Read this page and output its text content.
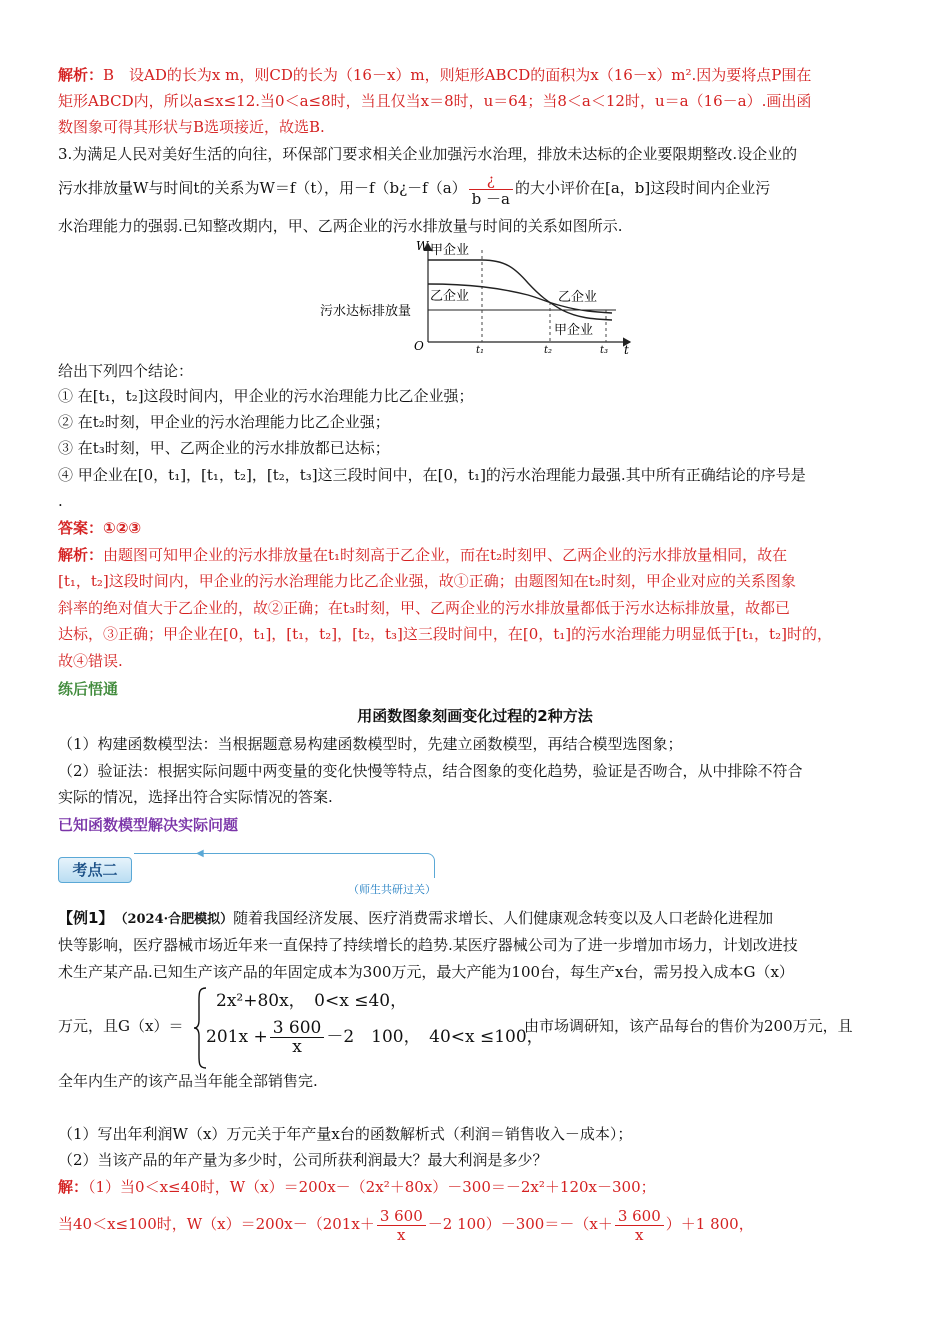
解析：B　设AD的长为x m，则CD的长为（16－x）m，则矩形ABCD的面积为x（16－x）m².因为要将点P围在

矩形ABCD内，所以a≤x≤12.当0＜a≤8时，当且仅当x＝8时，u＝64；当8＜a＜12时，u＝a（16－a）.画出函

数图象可得其形状与B选项接近，故选B.

3.为满足人民对美好生活的向往，环保部门要求相关企业加强污水治理，排放未达标的企业要限期整改.设企业的

污水排放量W与时间t的关系为W＝f（t），用－f（b¿－f（a） $\frac{¿}{b -a}$ 的大小评价在[a，b]这段时间内企业污

水治理能力的强弱.已知整改期内，甲、乙两企业的污水排放量与时间的关系如图所示.

W
t
O	t₁	t₂	t₃
甲企业
乙企业	乙企业
甲企业
污水达标排放量

给出下列四个结论：

① 在[t₁，t₂]这段时间内，甲企业的污水治理能力比乙企业强；

② 在t₂时刻，甲企业的污水治理能力比乙企业强；

③ 在t₃时刻，甲、乙两企业的污水排放都已达标；

④ 甲企业在[0，t₁]，[t₁，t₂]，[t₂，t₃]这三段时间中，在[0，t₁]的污水治理能力最强.其中所有正确结论的序号是

.

答案：①②③

解析：由题图可知甲企业的污水排放量在t₁时刻高于乙企业，而在t₂时刻甲、乙两企业的污水排放量相同，故在

[t₁，t₂]这段时间内，甲企业的污水治理能力比乙企业强，故①正确；由题图知在t₂时刻，甲企业对应的关系图象

斜率的绝对值大于乙企业的，故②正确；在t₃时刻，甲、乙两企业的污水排放量都低于污水达标排放量，故都已

达标，③正确；甲企业在[0，t₁]，[t₁，t₂]，[t₂，t₃]这三段时间中，在[0，t₁]的污水治理能力明显低于[t₁，t₂]时的，

故④错误.

练后悟通

用函数图象刻画变化过程的2种方法

（1）构建函数模型法：当根据题意易构建函数模型时，先建立函数模型，再结合模型选图象；

（2）验证法：根据实际问题中两变量的变化快慢等特点，结合图象的变化趋势，验证是否吻合，从中排除不符合

实际的情况，选择出符合实际情况的答案.

已知函数模型解决实际问题

◀
考点二
（师生共研过关）

【例1】　 （2024·合肥模拟）随着我国经济发展、医疗消费需求增长、人们健康观念转变以及人口老龄化进程加

快等影响，医疗器械市场近年来一直保持了持续增长的趋势.某医疗器械公司为了进一步增加市场力，计划改进技

术生产某产品.已知生产该产品的年固定成本为300万元，最大产能为100台，每生产x台，需另投入成本G（x）

万元，且G（x）＝
2x²+80x，　0<x ≤40，
$201x + \frac{3 600}{x} -2$　100，　40<x ≤100，
由市场调研知，该产品每台的售价为200万元，且

全年内生产的该产品当年能全部销售完.

（1）写出年利润W（x）万元关于年产量x台的函数解析式（利润＝销售收入－成本）；

（2）当该产品的年产量为多少时，公司所获利润最大？最大利润是多少？

解：（1）当0＜x≤40时，W（x）＝200x－（2x²＋80x）－300＝－2x²＋120x－300；

当40＜x≤100时，$W(x)=200x-(201x+ \frac{3 600}{x} -2$ $100)-300=-(x+ \frac{3 600}{x} )+1$ 800，
